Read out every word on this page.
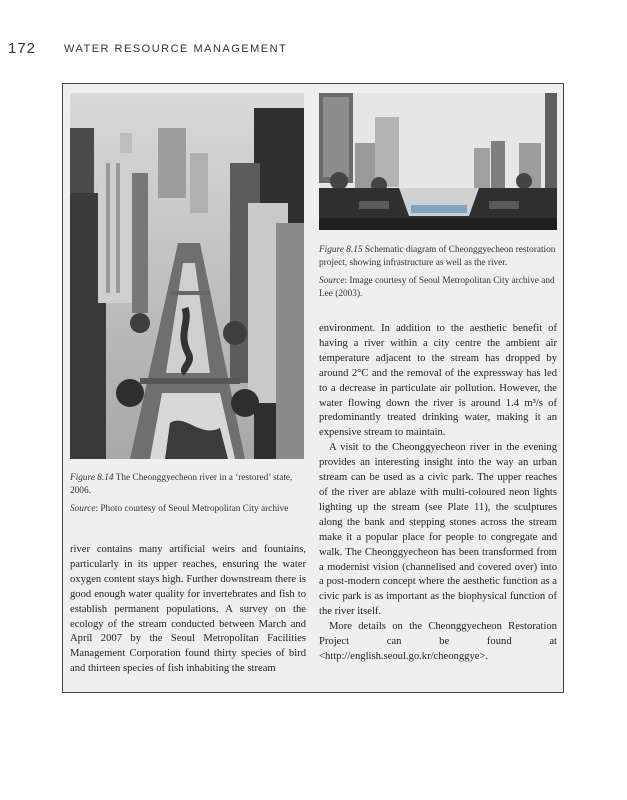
172	WATER RESOURCE MANAGEMENT
Figure 8.15 Schematic diagram of Cheonggyecheon restoration project, showing infrastructure as well as the river.
Source: Image courtesy of Seoul Metropolitan City archive and Lee (2003).
Figure 8.14 The Cheonggyecheon river in a ‘restored’ state, 2006.
Source: Photo courtesy of Seoul Metropolitan City archive

river contains many artificial weirs and fountains, particularly in its upper reaches, ensuring the water oxygen content stays high. Further downstream there is good enough water quality for invertebrates and fish to establish permanent populations. A survey on the ecology of the stream conducted between March and April 2007 by the Seoul Metropolitan Facilities Management Corporation found thirty species of bird and thirteen species of fish inhabiting the stream

environment. In addition to the aesthetic benefit of having a river within a city centre the ambient air temperature adjacent to the stream has dropped by around 2°C and the removal of the expressway has led to a decrease in particulate air pollution. However, the water flowing down the river is around 1.4 m³/s of predominantly treated drinking water, making it an expensive stream to maintain.

A visit to the Cheonggyecheon river in the evening provides an interesting insight into the way an urban stream can be used as a civic park. The upper reaches of the river are ablaze with multi-coloured neon lights lighting up the stream (see Plate 11), the sculptures along the bank and stepping stones across the stream make it a popular place for people to congregate and walk. The Cheonggyecheon has been transformed from a modernist vision (channelised and covered over) into a post-modern concept where the aesthetic function as a civic park is as important as the biophysical function of the river itself.

More details on the Cheonggyecheon Restoration Project can be found at <http://english.seoul.go.kr/cheonggye>.
